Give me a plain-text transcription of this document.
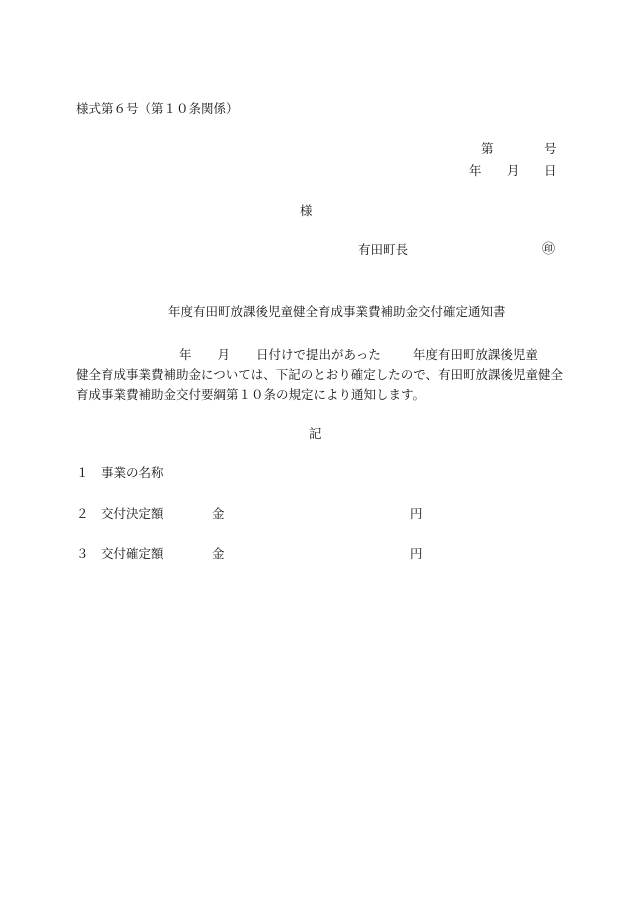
様式第６号（第１０条関係）
第	号
年 月 日
様
有田町長	㊞
年度有田町放課後児童健全育成事業費補助金交付確定通知書
年 月 日付けで提出があった	年度有田町放課後児童
健全育成事業費補助金については、下記のとおり確定したので、有田町放課後児童健全
育成事業費補助金交付要綱第１０条の規定により通知します。
記
１ 事業の名称
２ 交付決定額	金	円
３ 交付確定額	金	円
